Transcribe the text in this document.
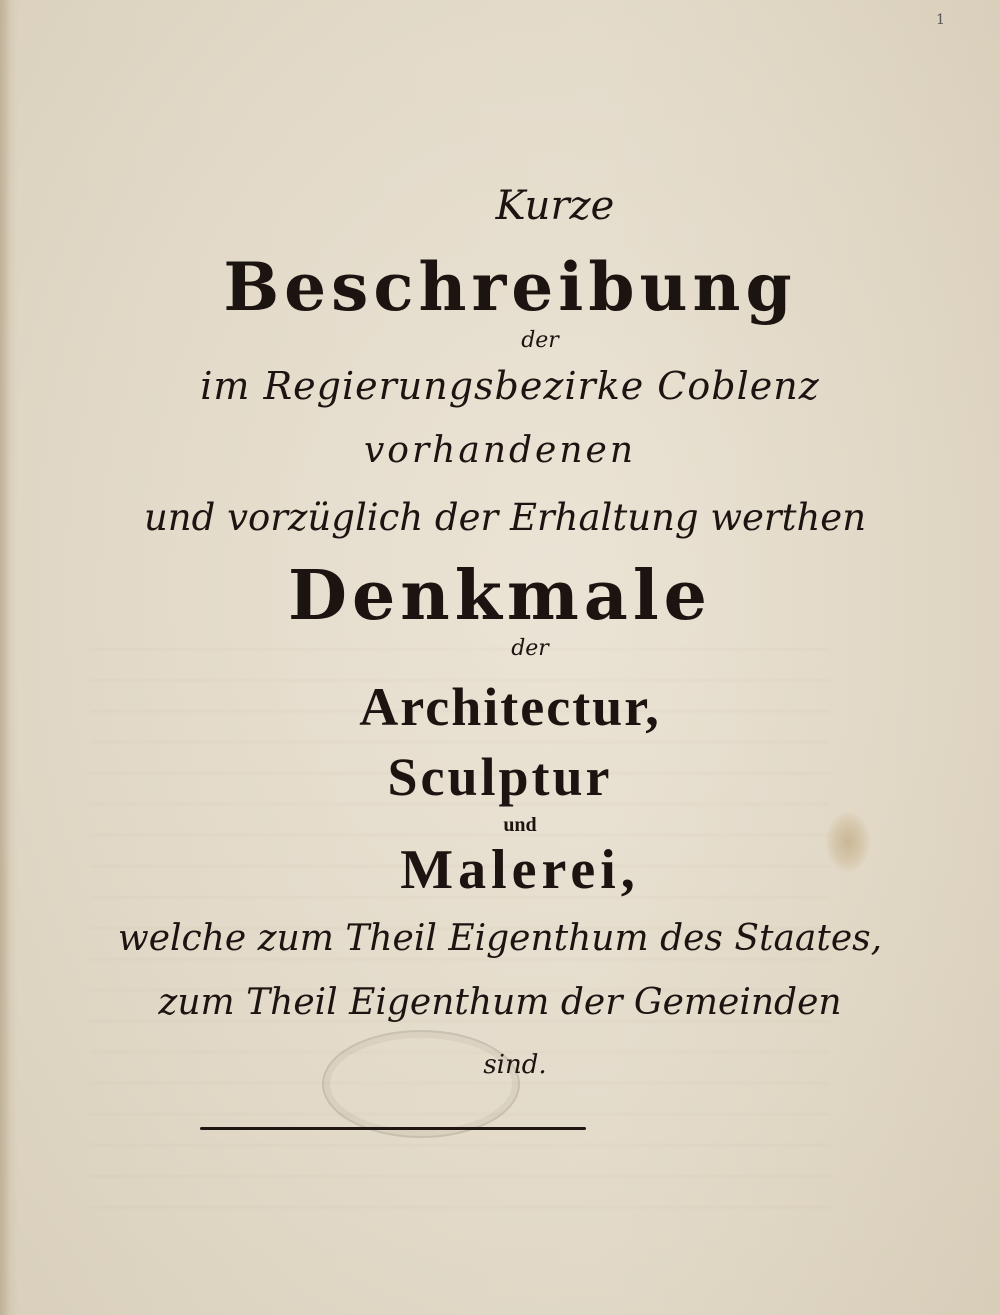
1
Kurze
Beschreibung
der
im Regierungsbezirke Coblenz
vorhandenen
und vorzüglich der Erhaltung werthen
Denkmale
der
Architectur,
Sculptur
und
Malerei,
welche zum Theil Eigenthum des Staates,
zum Theil Eigenthum der Gemeinden
sind.
